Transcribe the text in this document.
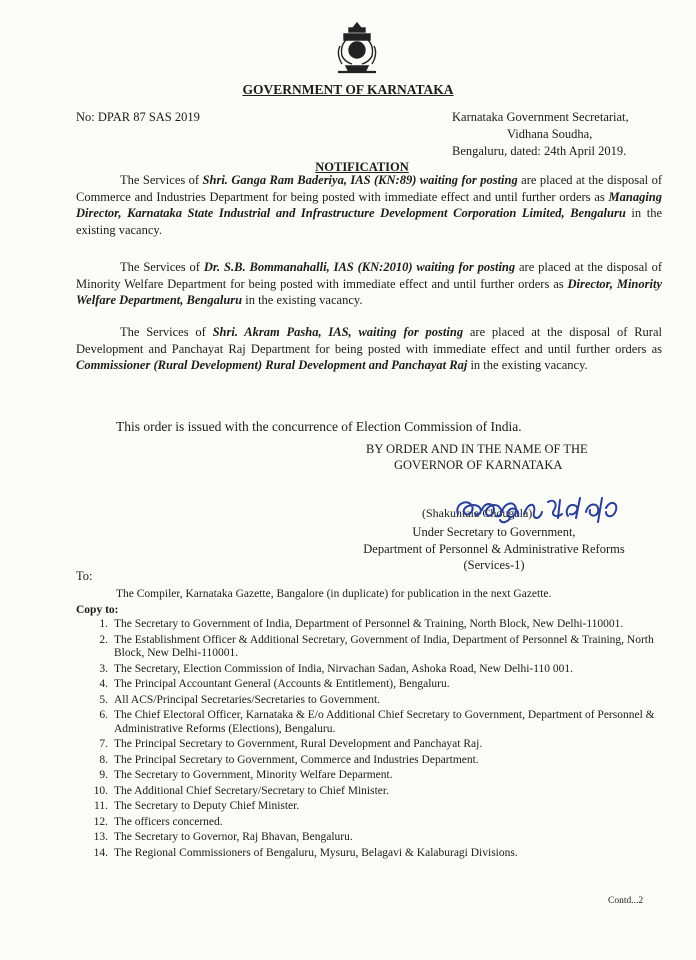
GOVERNMENT OF KARNATAKA
No: DPAR 87 SAS 2019	Karnataka Government Secretariat,
Vidhana Soudha,
Bengaluru, dated: 24th April 2019.
NOTIFICATION

The Services of Shri. Ganga Ram Baderiya, IAS (KN:89) waiting for posting are placed at the disposal of Commerce and Industries Department for being posted with immediate effect and until further orders as Managing Director, Karnataka State Industrial and Infrastructure Development Corporation Limited, Bengaluru in the existing vacancy.

The Services of Dr. S.B. Bommanahalli, IAS (KN:2010) waiting for posting are placed at the disposal of Minority Welfare Department for being posted with immediate effect and until further orders as Director, Minority Welfare Department, Bengaluru in the existing vacancy.

The Services of Shri. Akram Pasha, IAS, waiting for posting are placed at the disposal of Rural Development and Panchayat Raj Department for being posted with immediate effect and until further orders as Commissioner (Rural Development) Rural Development and Panchayat Raj in the existing vacancy.

This order is issued with the concurrence of Election Commission of India.
BY ORDER AND IN THE NAME OF THE
GOVERNOR OF KARNATAKA
(Shakuntala Chougala)
Under Secretary to Government,
Department of Personnel & Administrative Reforms
(Services-1)
To:
The Compiler, Karnataka Gazette, Bangalore (in duplicate) for publication in the next Gazette.
Copy to:
1. The Secretary to Government of India, Department of Personnel & Training, North Block, New Delhi-110001.
2. The Establishment Officer & Additional Secretary, Government of India, Department of Personnel & Training, North Block, New Delhi-110001.
3. The Secretary, Election Commission of India, Nirvachan Sadan, Ashoka Road, New Delhi-110 001.
4. The Principal Accountant General (Accounts & Entitlement), Bengaluru.
5. All ACS/Principal Secretaries/Secretaries to Government.
6. The Chief Electoral Officer, Karnataka & E/o Additional Chief Secretary to Government, Department of Personnel & Administrative Reforms (Elections), Bengaluru.
7. The Principal Secretary to Government, Rural Development and Panchayat Raj.
8. The Principal Secretary to Government, Commerce and Industries Department.
9. The Secretary to Government, Minority Welfare Deparment.
10. The Additional Chief Secretary/Secretary to Chief Minister.
11. The Secretary to Deputy Chief Minister.
12. The officers concerned.
13. The Secretary to Governor, Raj Bhavan, Bengaluru.
14. The Regional Commissioners of Bengaluru, Mysuru, Belagavi & Kalaburagi Divisions.
Contd...2
